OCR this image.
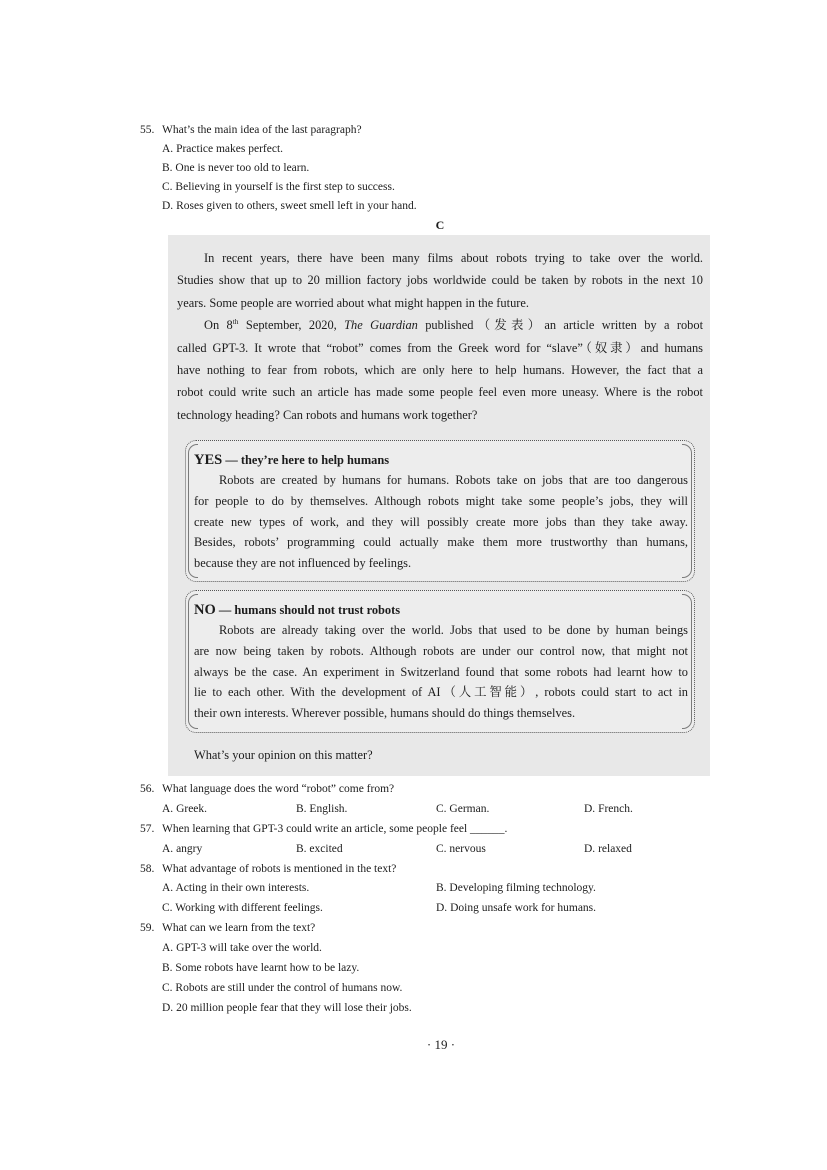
55. What’s the main idea of the last paragraph?
A. Practice makes perfect.
B. One is never too old to learn.
C. Believing in yourself is the first step to success.
D. Roses given to others, sweet smell left in your hand.
C
In recent years, there have been many films about robots trying to take over the world.
Studies show that up to 20 million factory jobs worldwide could be taken by robots in the next 10
years. Some people are worried about what might happen in the future.
On 8th September, 2020, The Guardian published（发表）an article written by a robot
called GPT-3. It wrote that “robot” comes from the Greek word for “slave”（奴隶）and humans
have nothing to fear from robots, which are only here to help humans. However, the fact that a
robot could write such an article has made some people feel even more uneasy. Where is the robot
technology heading? Can robots and humans work together?
YES — they’re here to help humans
Robots are created by humans for humans. Robots take on jobs that are too dangerous
for people to do by themselves. Although robots might take some people’s jobs, they will
create new types of work, and they will possibly create more jobs than they take away.
Besides, robots’ programming could actually make them more trustworthy than humans,
because they are not influenced by feelings.
NO — humans should not trust robots
Robots are already taking over the world. Jobs that used to be done by human beings
are now being taken by robots. Although robots are under our control now, that might not
always be the case. An experiment in Switzerland found that some robots had learnt how to
lie to each other. With the development of AI（人工智能）, robots could start to act in
their own interests. Wherever possible, humans should do things themselves.
What’s your opinion on this matter?
56. What language does the word “robot” come from?
A. Greek.	B. English.	C. German.	D. French.
57. When learning that GPT-3 could write an article, some people feel ______.
A. angry	B. excited	C. nervous	D. relaxed
58. What advantage of robots is mentioned in the text?
A. Acting in their own interests.	B. Developing filming technology.
C. Working with different feelings.	D. Doing unsafe work for humans.
59. What can we learn from the text?
A. GPT-3 will take over the world.
B. Some robots have learnt how to be lazy.
C. Robots are still under the control of humans now.
D. 20 million people fear that they will lose their jobs.
· 19 ·
